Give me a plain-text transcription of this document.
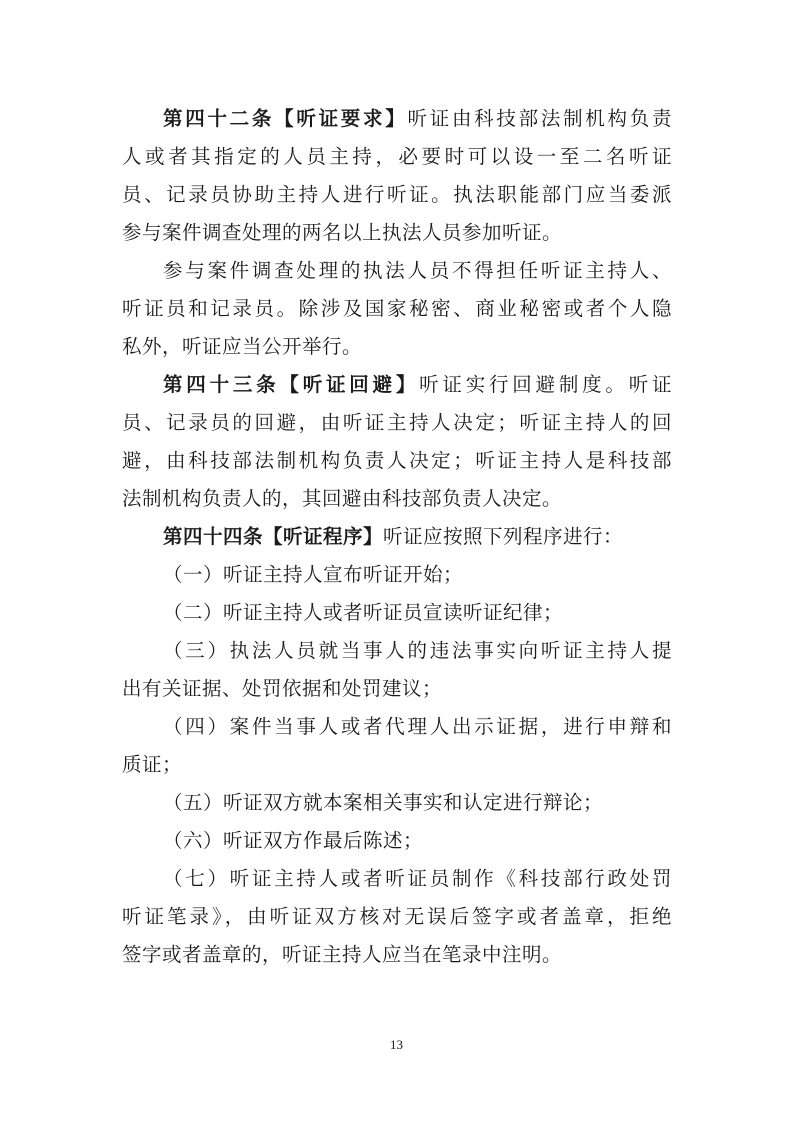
第四十二条【听证要求】听证由科技部法制机构负责
人或者其指定的人员主持，必要时可以设一至二名听证
员、记录员协助主持人进行听证。执法职能部门应当委派
参与案件调查处理的两名以上执法人员参加听证。
参与案件调查处理的执法人员不得担任听证主持人、
听证员和记录员。除涉及国家秘密、商业秘密或者个人隐
私外，听证应当公开举行。
第四十三条【听证回避】听证实行回避制度。听证
员、记录员的回避，由听证主持人决定；听证主持人的回
避，由科技部法制机构负责人决定；听证主持人是科技部
法制机构负责人的，其回避由科技部负责人决定。
第四十四条【听证程序】听证应按照下列程序进行：
（一）听证主持人宣布听证开始；
（二）听证主持人或者听证员宣读听证纪律；
（三）执法人员就当事人的违法事实向听证主持人提
出有关证据、处罚依据和处罚建议；
（四）案件当事人或者代理人出示证据，进行申辩和
质证；
（五）听证双方就本案相关事实和认定进行辩论；
（六）听证双方作最后陈述；
（七）听证主持人或者听证员制作《科技部行政处罚
听证笔录》，由听证双方核对无误后签字或者盖章，拒绝
签字或者盖章的，听证主持人应当在笔录中注明。
13
